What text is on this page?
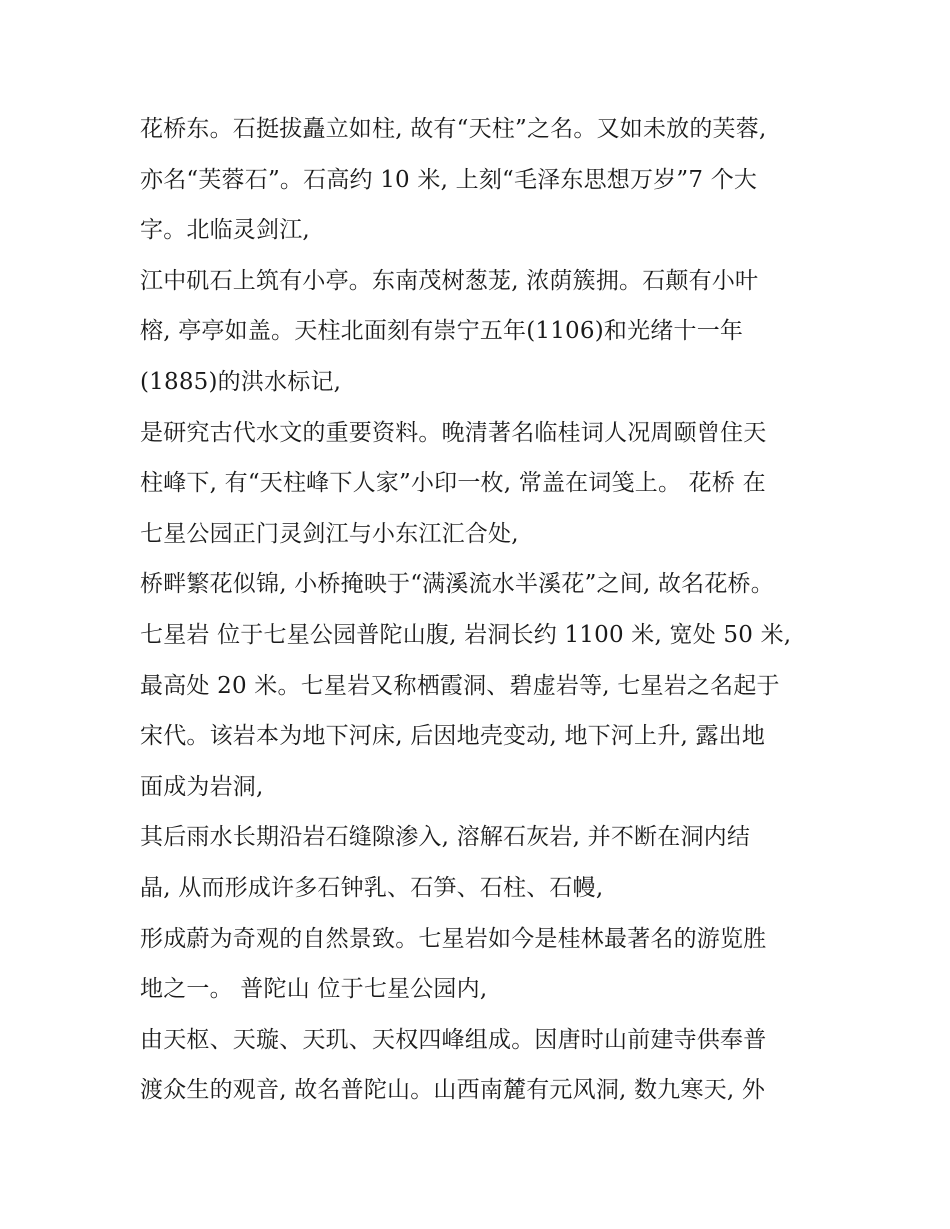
花桥东。石挺拔矗立如柱, 故有“天柱”之名。又如未放的芙蓉,
亦名“芙蓉石”。石高约 10 米, 上刻“毛泽东思想万岁”7 个大
字。北临灵剑江,
江中矶石上筑有小亭。东南茂树葱茏, 浓荫簇拥。石颠有小叶
榕, 亭亭如盖。天柱北面刻有崇宁五年(1106)和光绪十一年
(1885)的洪水标记,
是研究古代水文的重要资料。晚清著名临桂词人况周颐曾住天
柱峰下, 有“天柱峰下人家”小印一枚, 常盖在词笺上。 花桥 在
七星公园正门灵剑江与小东江汇合处,
桥畔繁花似锦, 小桥掩映于“满溪流水半溪花”之间, 故名花桥。
七星岩 位于七星公园普陀山腹, 岩洞长约 1100 米, 宽处 50 米,
最高处 20 米。七星岩又称栖霞洞、碧虚岩等, 七星岩之名起于
宋代。该岩本为地下河床, 后因地壳变动, 地下河上升, 露出地
面成为岩洞,
其后雨水长期沿岩石缝隙渗入, 溶解石灰岩, 并不断在洞内结
晶, 从而形成许多石钟乳、石笋、石柱、石幔,
形成蔚为奇观的自然景致。七星岩如今是桂林最著名的游览胜
地之一。 普陀山 位于七星公园内,
由天枢、天璇、天玑、天权四峰组成。因唐时山前建寺供奉普
渡众生的观音, 故名普陀山。山西南麓有元风洞, 数九寒天, 外
